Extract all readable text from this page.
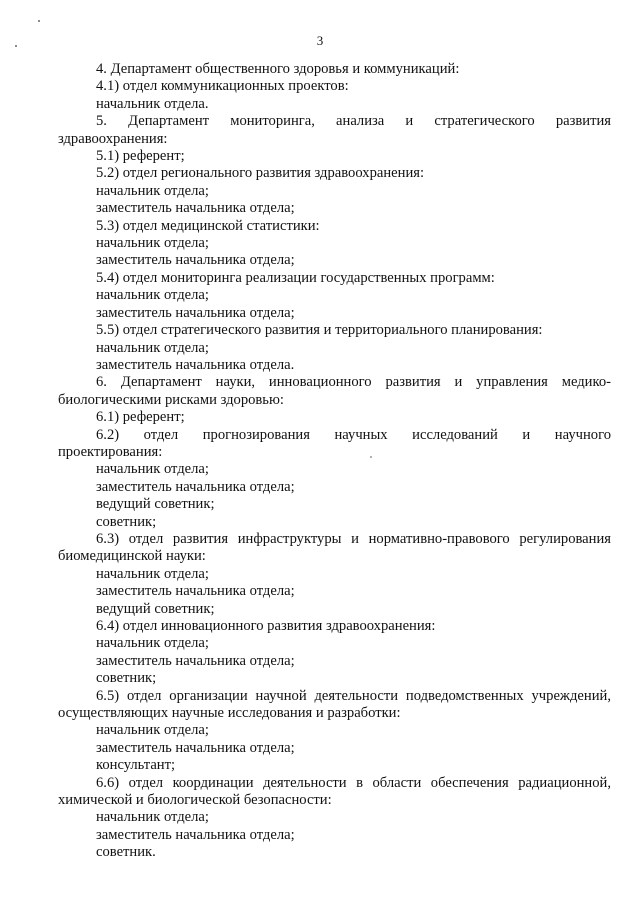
3
4. Департамент общественного здоровья и коммуникаций:
4.1) отдел коммуникационных проектов:
начальник отдела.
5. Департамент мониторинга, анализа и стратегического развития
здравоохранения:
5.1) референт;
5.2) отдел регионального развития здравоохранения:
начальник отдела;
заместитель начальника отдела;
5.3) отдел медицинской статистики:
начальник отдела;
заместитель начальника отдела;
5.4) отдел мониторинга реализации государственных программ:
начальник отдела;
заместитель начальника отдела;
5.5) отдел стратегического развития и территориального планирования:
начальник отдела;
заместитель начальника отдела.
6. Департамент науки, инновационного развития и управления медико-
биологическими рисками здоровью:
6.1) референт;
6.2) отдел прогнозирования научных исследований и научного
проектирования:
начальник отдела;
заместитель начальника отдела;
ведущий советник;
советник;
6.3) отдел развития инфраструктуры и нормативно-правового регулирования
биомедицинской науки:
начальник отдела;
заместитель начальника отдела;
ведущий советник;
6.4) отдел инновационного развития здравоохранения:
начальник отдела;
заместитель начальника отдела;
советник;
6.5) отдел организации научной деятельности подведомственных учреждений,
осуществляющих научные исследования и разработки:
начальник отдела;
заместитель начальника отдела;
консультант;
6.6) отдел координации деятельности в области обеспечения радиационной,
химической и биологической безопасности:
начальник отдела;
заместитель начальника отдела;
советник.
